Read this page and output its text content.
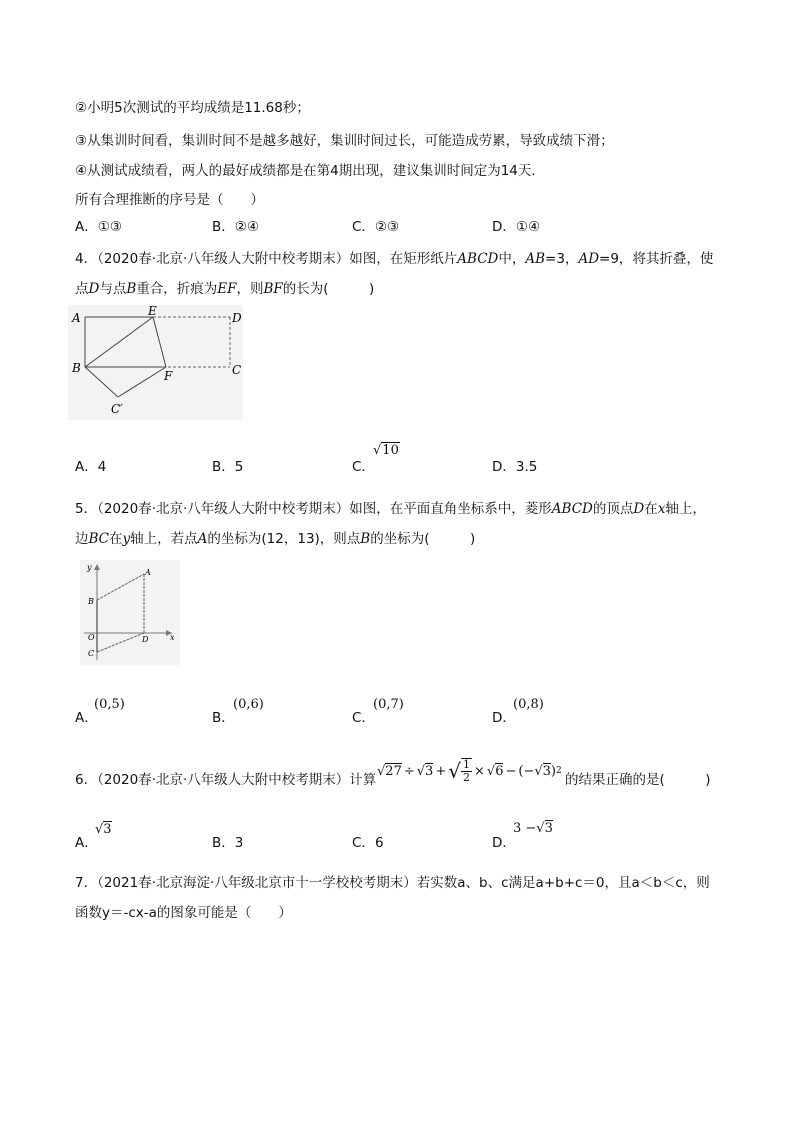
②小明5次测试的平均成绩是11.68秒；
③从集训时间看，集训时间不是越多越好，集训时间过长，可能造成劳累，导致成绩下滑；
④从测试成绩看，两人的最好成绩都是在第4期出现，建议集训时间定为14天.
所有合理推断的序号是（　　）
A．①③	B．②④	C．②③	D．①④
4．（2020春·北京·八年级人大附中校考期末）如图，在矩形纸片ABCD中，AB=3，AD=9，将其折叠，使
点D与点B重合，折痕为EF，则BF的长为(　　　)
A	E	D
B
F	C
C′
A．4	B．5	C．
√10
D．3.5
5．（2020春·北京·八年级人大附中校考期末）如图，在平面直角坐标系中，菱形ABCD的顶点D在x轴上，
边BC在y轴上，若点A的坐标为(12，13)，则点B的坐标为(　　　)
y
A
B
O	D	x
C
A．
(0,5)
B．
(0,6)
C．
(0,7)
D．
(0,8)
6．（2020春·北京·八年级人大附中校考期末）计算
√ 27 ÷ √ 3 + √ $\frac{1}{2}$ × √ 6 − (− √ 3 ) 2
的结果正确的是(　　　)
A．
√3
B．3	C．6	D．
3 −√3
7．（2021春·北京海淀·八年级北京市十一学校校考期末）若实数a、b、c满足a+b+c＝0，且a＜b＜c，则
函数y＝-cx-a的图象可能是（　　）
